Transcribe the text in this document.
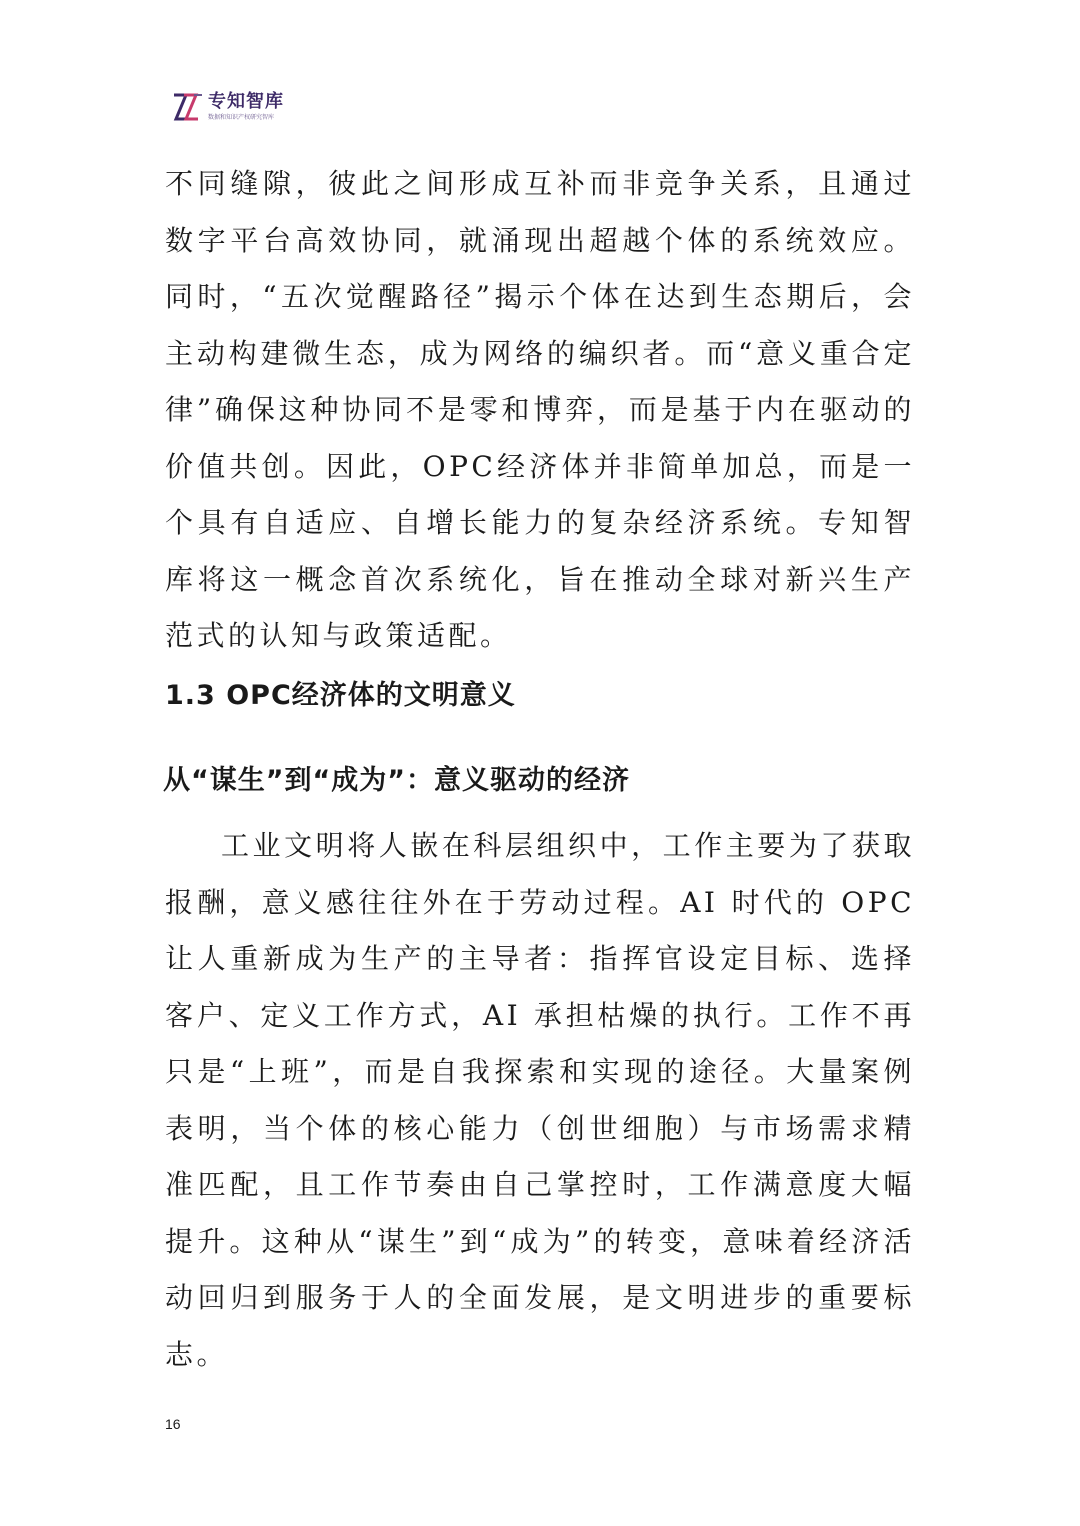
专知智库
数据和知识产权研究智库
不同缝隙，彼此之间形成互补而非竞争关系，且通过数字平台高效协同，就涌现出超越个体的系统效应。同时，“五次觉醒路径”揭示个体在达到生态期后，会主动构建微生态，成为网络的编织者。而“意义重合定律”确保这种协同不是零和博弈，而是基于内在驱动的价值共创。因此，OPC经济体并非简单加总，而是一个具有自适应、自增长能力的复杂经济系统。专知智库将这一概念首次系统化，旨在推动全球对新兴生产范式的认知与政策适配。
1.3 OPC经济体的文明意义
从“谋生”到“成为”：意义驱动的经济
工业文明将人嵌在科层组织中，工作主要为了获取报酬，意义感往往外在于劳动过程。AI 时代的 OPC 让人重新成为生产的主导者：指挥官设定目标、选择客户、定义工作方式，AI 承担枯燥的执行。工作不再只是“上班”，而是自我探索和实现的途径。大量案例表明，当个体的核心能力（创世细胞）与市场需求精准匹配，且工作节奏由自己掌控时，工作满意度大幅提升。这种从“谋生”到“成为”的转变，意味着经济活动回归到服务于人的全面发展，是文明进步的重要标志。
16
